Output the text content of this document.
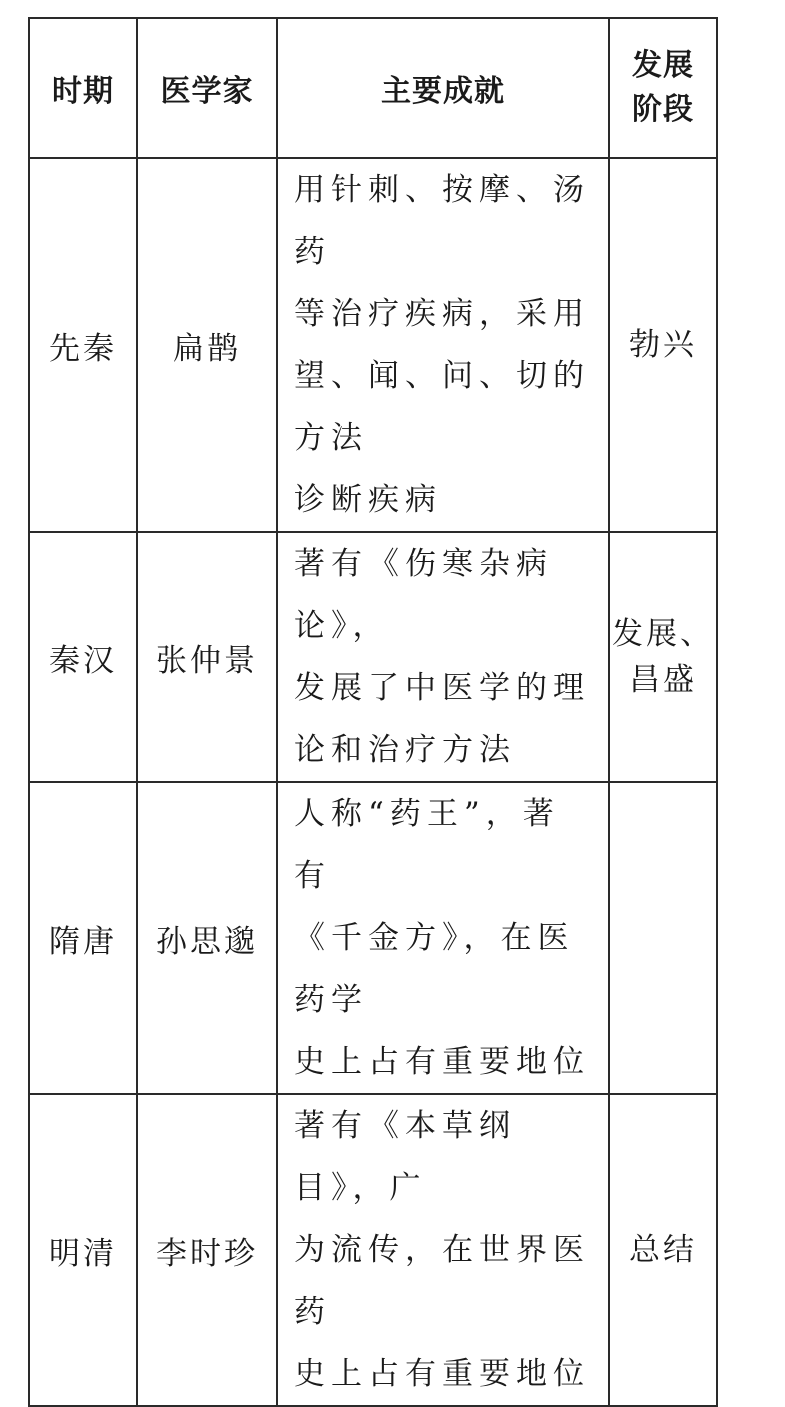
时期	医学家	主要成就	发展
阶段

先秦	扁鹊	用针刺、按摩、汤药
等治疗疾病，采用
望、闻、问、切的方法
诊断疾病	勃兴

秦汉	张仲景	著有《伤寒杂病论》，
发展了中医学的理
论和治疗方法	发展、
昌盛

隋唐	孙思邈	人称“药王”，著有
《千金方》，在医药学
史上占有重要地位	

明清	李时珍	著有《本草纲目》，广
为流传，在世界医药
史上占有重要地位	总结
